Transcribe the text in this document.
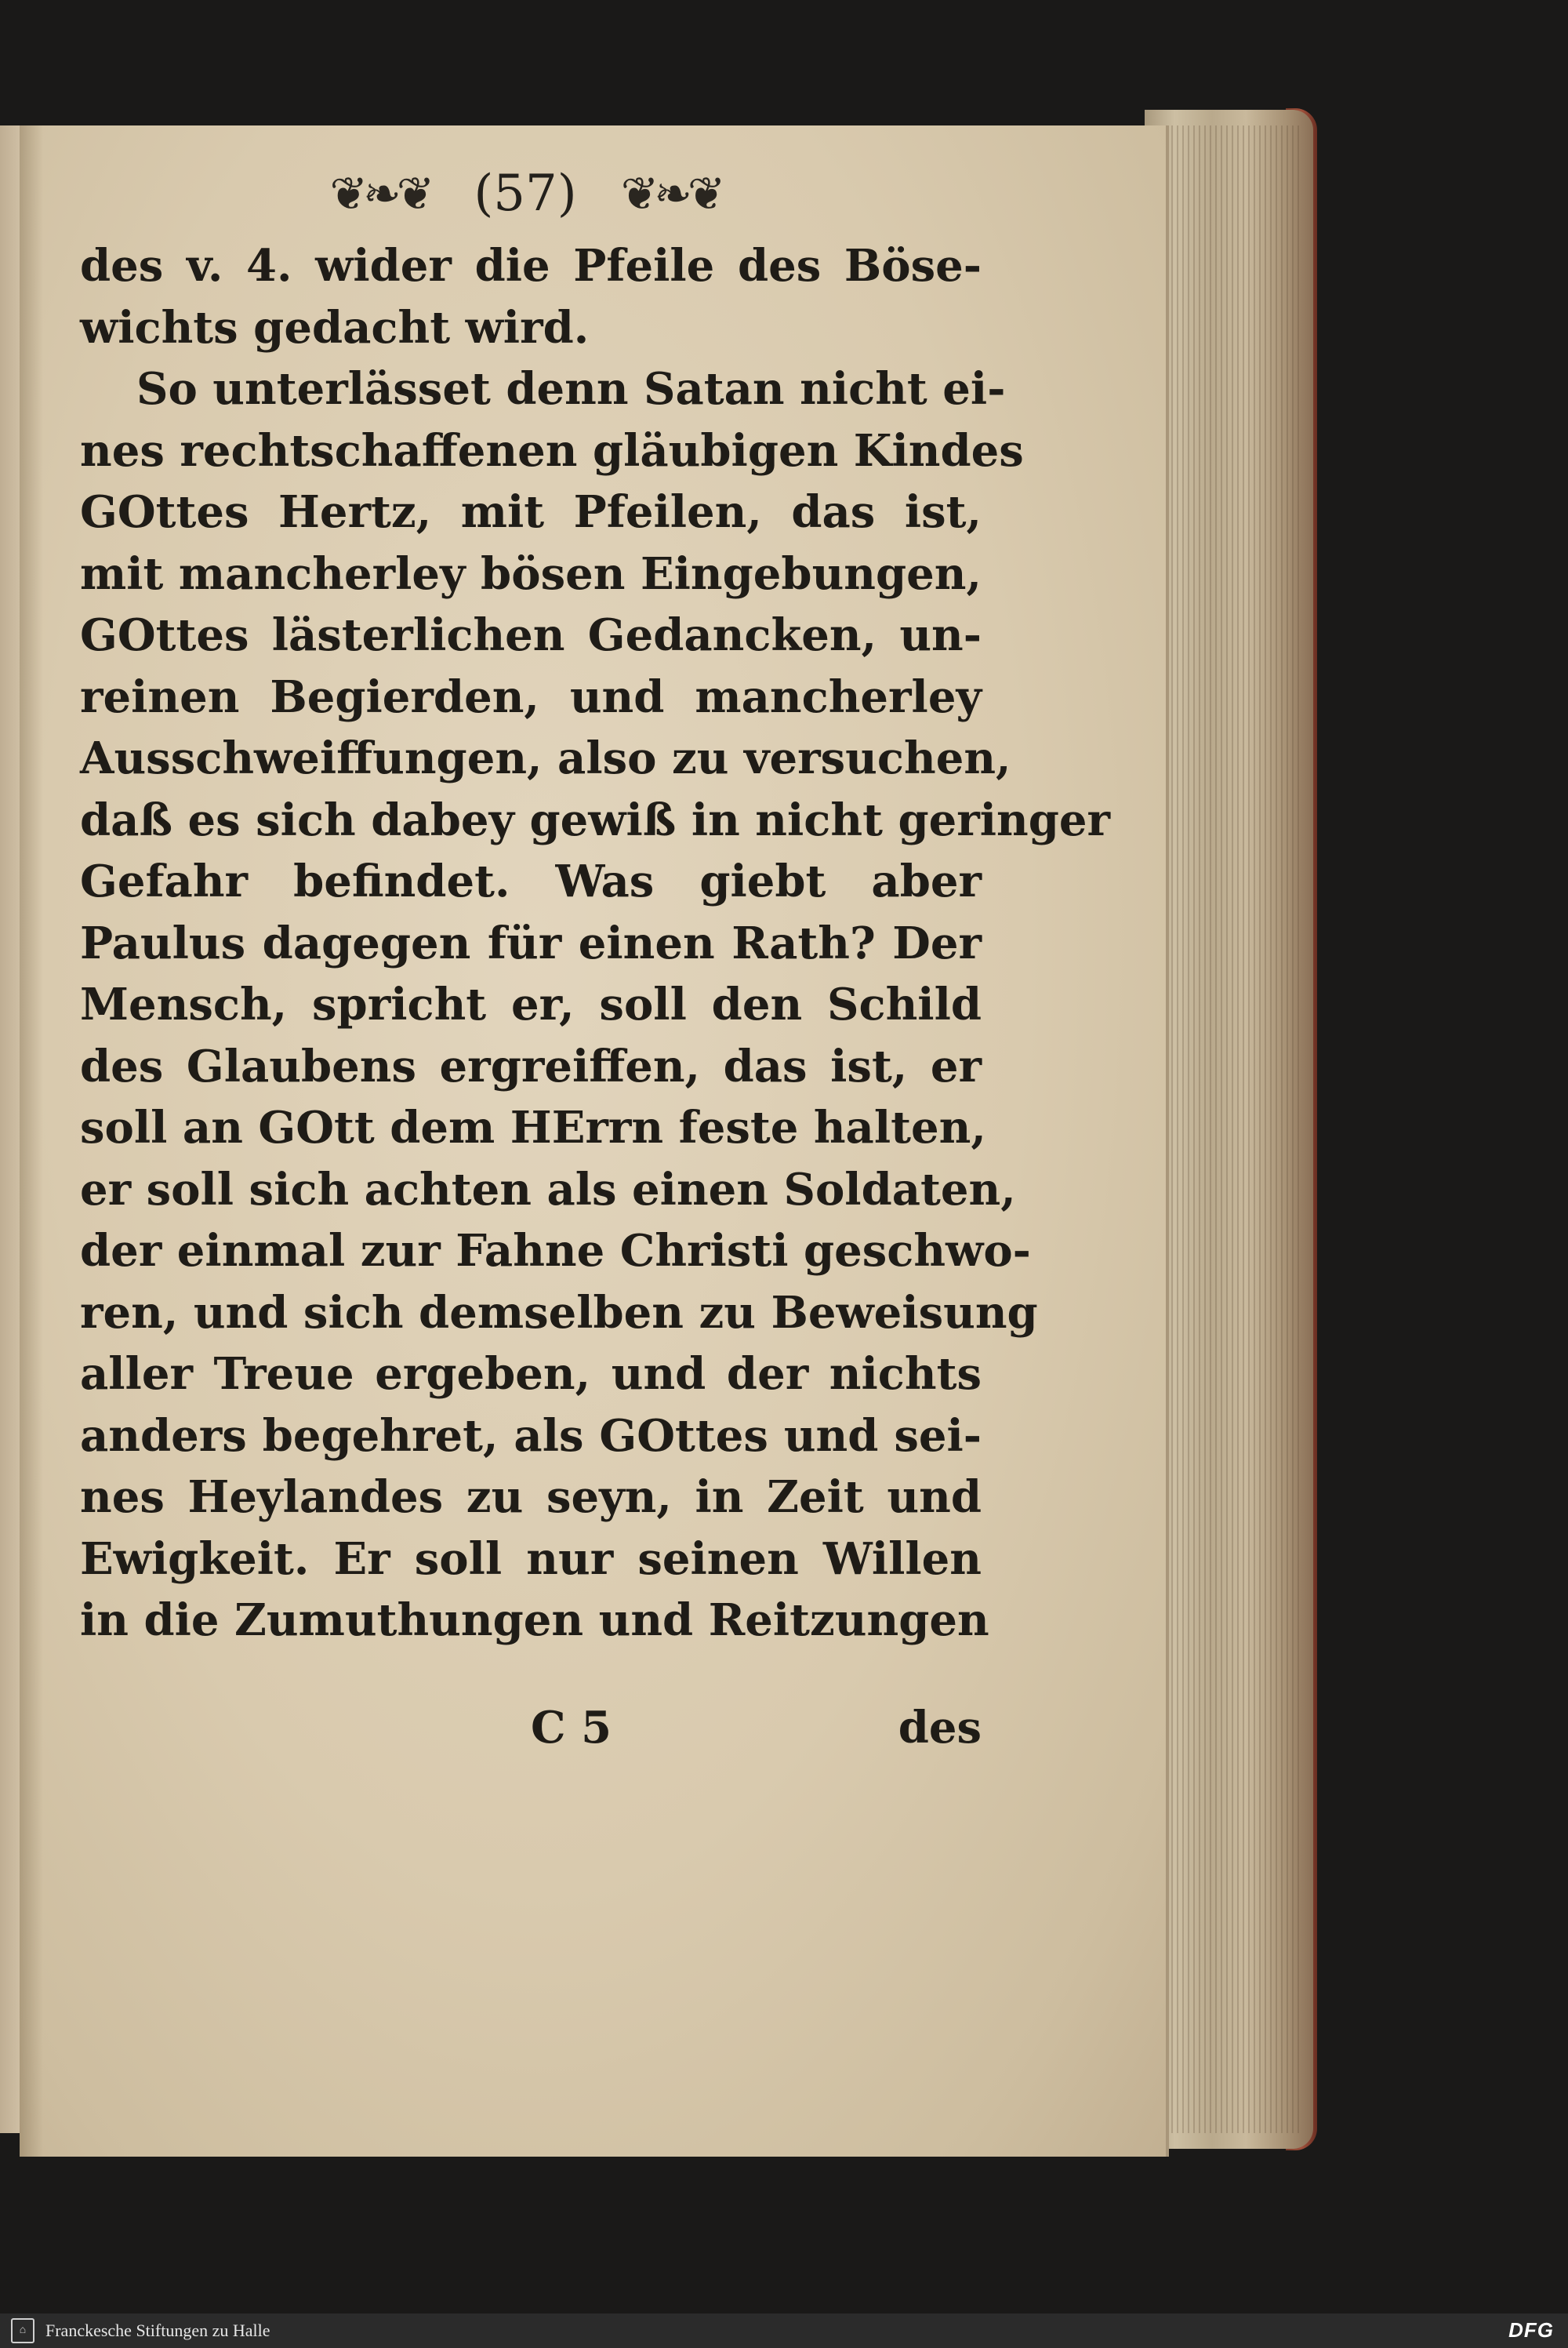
❦❧❦ (57) ❦❧❦
des v. 4. wider die Pfeile des Böse-
wichts gedacht wird.
So unterlässet denn Satan nicht ei-
nes rechtschaffenen gläubigen Kindes
GOttes Hertz, mit Pfeilen, das ist,
mit mancherley bösen Eingebungen,
GOttes lästerlichen Gedancken, un-
reinen Begierden, und mancherley
Ausschweiffungen, also zu versuchen,
daß es sich dabey gewiß in nicht geringer
Gefahr befindet. Was giebt aber
Paulus dagegen für einen Rath? Der
Mensch, spricht er, soll den Schild
des Glaubens ergreiffen, das ist, er
soll an GOtt dem HErrn feste halten,
er soll sich achten als einen Soldaten,
der einmal zur Fahne Christi geschwo-
ren, und sich demselben zu Beweisung
aller Treue ergeben, und der nichts
anders begehret, als GOttes und sei-
nes Heylandes zu seyn, in Zeit und
Ewigkeit. Er soll nur seinen Willen
in die Zumuthungen und Reitzungen
C 5	des
⌂	Franckesche Stiftungen zu Halle	DFG
